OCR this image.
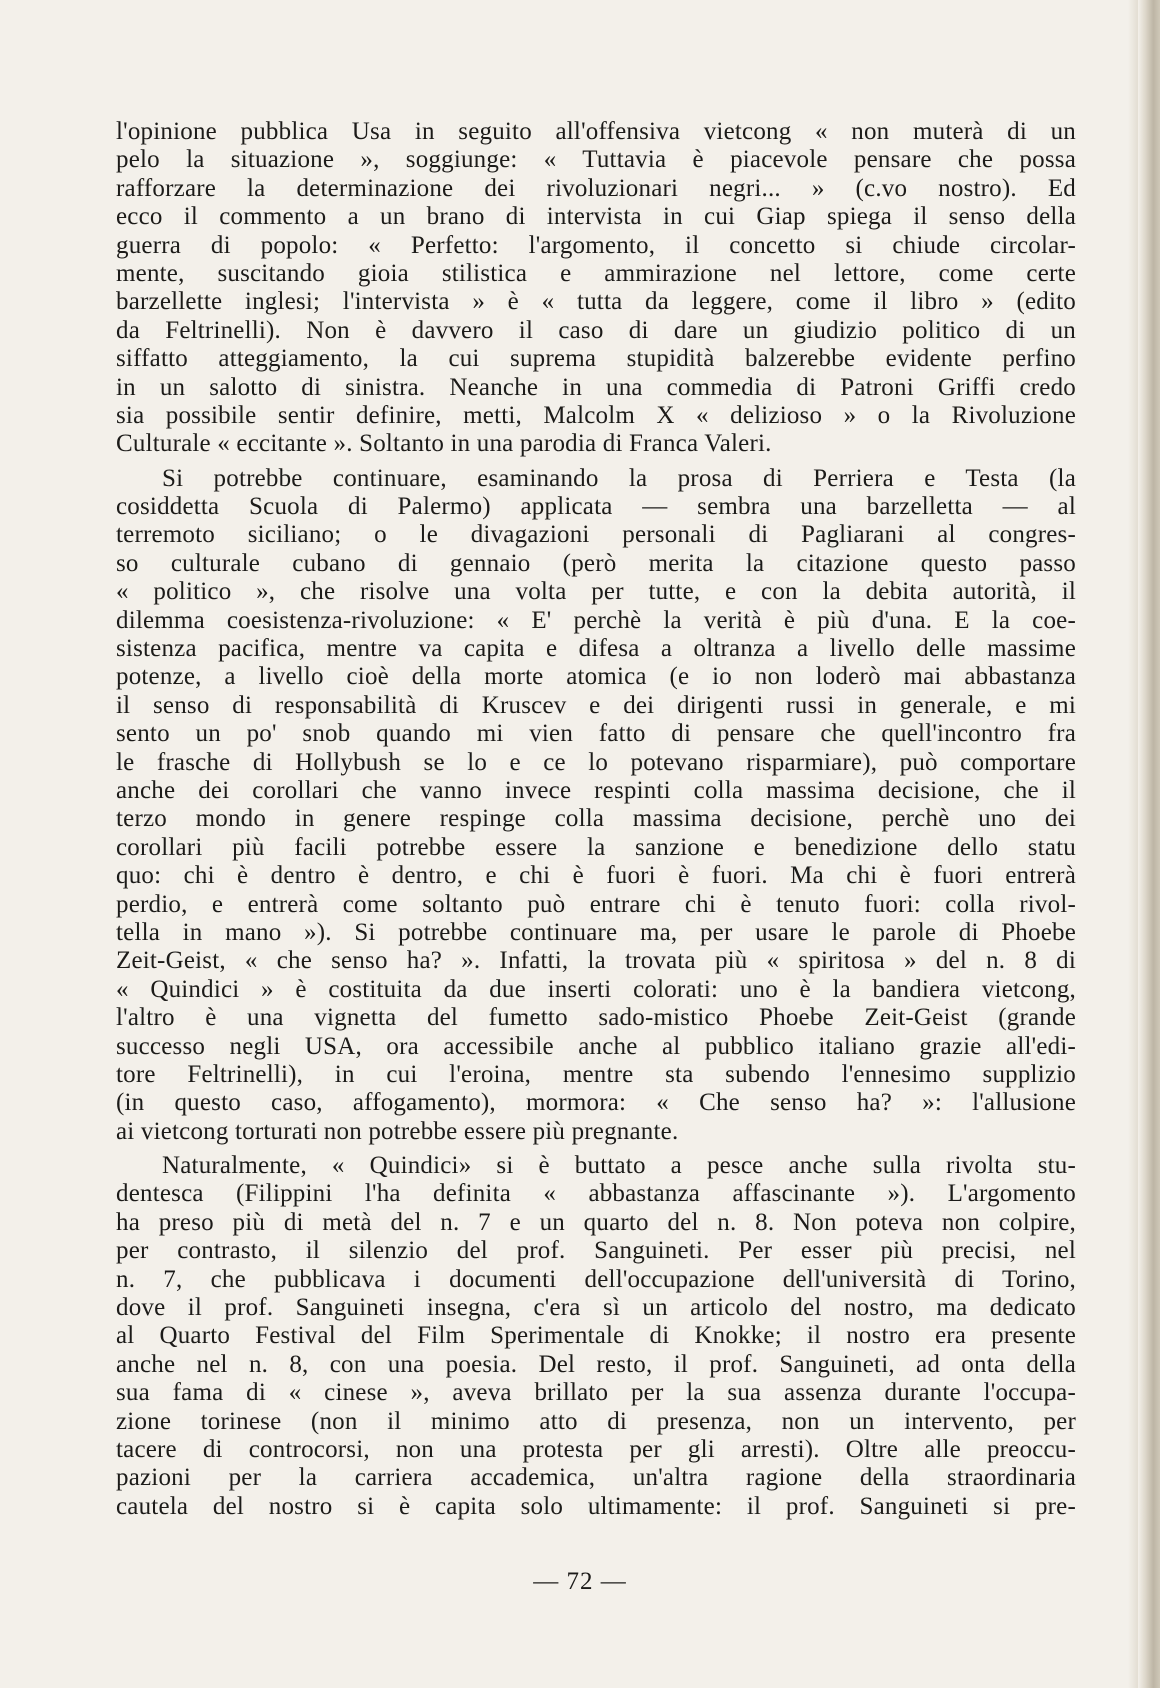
l'opinione pubblica Usa in seguito all'offensiva vietcong « non muterà di un
pelo la situazione », soggiunge: « Tuttavia è piacevole pensare che possa
rafforzare la determinazione dei rivoluzionari negri... » (c.vo nostro). Ed
ecco il commento a un brano di intervista in cui Giap spiega il senso della
guerra di popolo: « Perfetto: l'argomento, il concetto si chiude circolar-
mente, suscitando gioia stilistica e ammirazione nel lettore, come certe
barzellette inglesi; l'intervista » è « tutta da leggere, come il libro » (edito
da Feltrinelli). Non è davvero il caso di dare un giudizio politico di un
siffatto atteggiamento, la cui suprema stupidità balzerebbe evidente perfino
in un salotto di sinistra. Neanche in una commedia di Patroni Griffi credo
sia possibile sentir definire, metti, Malcolm X « delizioso » o la Rivoluzione
Culturale « eccitante ». Soltanto in una parodia di Franca Valeri.
Si potrebbe continuare, esaminando la prosa di Perriera e Testa (la
cosiddetta Scuola di Palermo) applicata — sembra una barzelletta — al
terremoto siciliano; o le divagazioni personali di Pagliarani al congres-
so culturale cubano di gennaio (però merita la citazione questo passo
« politico », che risolve una volta per tutte, e con la debita autorità, il
dilemma coesistenza-rivoluzione: « E' perchè la verità è più d'una. E la coe-
sistenza pacifica, mentre va capita e difesa a oltranza a livello delle massime
potenze, a livello cioè della morte atomica (e io non loderò mai abbastanza
il senso di responsabilità di Kruscev e dei dirigenti russi in generale, e mi
sento un po' snob quando mi vien fatto di pensare che quell'incontro fra
le frasche di Hollybush se lo e ce lo potevano risparmiare), può comportare
anche dei corollari che vanno invece respinti colla massima decisione, che il
terzo mondo in genere respinge colla massima decisione, perchè uno dei
corollari più facili potrebbe essere la sanzione e benedizione dello statu
quo: chi è dentro è dentro, e chi è fuori è fuori. Ma chi è fuori entrerà
perdio, e entrerà come soltanto può entrare chi è tenuto fuori: colla rivol-
tella in mano »). Si potrebbe continuare ma, per usare le parole di Phoebe
Zeit-Geist, « che senso ha? ». Infatti, la trovata più « spiritosa » del n. 8 di
« Quindici » è costituita da due inserti colorati: uno è la bandiera vietcong,
l'altro è una vignetta del fumetto sado-mistico Phoebe Zeit-Geist (grande
successo negli USA, ora accessibile anche al pubblico italiano grazie all'edi-
tore Feltrinelli), in cui l'eroina, mentre sta subendo l'ennesimo supplizio
(in questo caso, affogamento), mormora: « Che senso ha? »: l'allusione
ai vietcong torturati non potrebbe essere più pregnante.
Naturalmente, « Quindici» si è buttato a pesce anche sulla rivolta stu-
dentesca (Filippini l'ha definita « abbastanza affascinante »). L'argomento
ha preso più di metà del n. 7 e un quarto del n. 8. Non poteva non colpire,
per contrasto, il silenzio del prof. Sanguineti. Per esser più precisi, nel
n. 7, che pubblicava i documenti dell'occupazione dell'università di Torino,
dove il prof. Sanguineti insegna, c'era sì un articolo del nostro, ma dedicato
al Quarto Festival del Film Sperimentale di Knokke; il nostro era presente
anche nel n. 8, con una poesia. Del resto, il prof. Sanguineti, ad onta della
sua fama di « cinese », aveva brillato per la sua assenza durante l'occupa-
zione torinese (non il minimo atto di presenza, non un intervento, per
tacere di controcorsi, non una protesta per gli arresti). Oltre alle preoccu-
pazioni per la carriera accademica, un'altra ragione della straordinaria
cautela del nostro si è capita solo ultimamente: il prof. Sanguineti si pre-
— 72 —
